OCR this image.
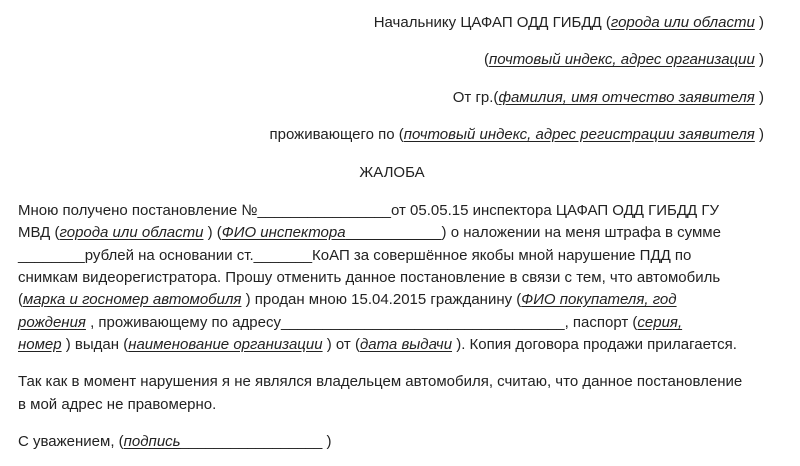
Начальнику ЦАФАП ОДД ГИБДД (города или области )
(почтовый индекс, адрес организации )
От гр.(фамилия, имя отчество заявителя )
проживающего по (почтовый индекс, адрес регистрации заявителя )
ЖАЛОБА
Мною получено постановление №________________от 05.05.15 инспектора ЦАФАП ОДД ГИБДД ГУ
МВД (города или области ) (ФИО инспектора ___________) о наложении на меня штрафа в сумме
________рублей на основании ст._______КоАП за совершённое якобы мной нарушение ПДД по
снимкам видеорегистратора. Прошу отменить данное постановление в связи с тем, что автомобиль
(марка и госномер автомобиля ) продан мною 15.04.2015 гражданину (ФИО покупателя, год
рождения , проживающему по адресу__________________________________, паспорт (серия,
номер ) выдан (наименование организации ) от (дата выдачи ). Копия договора продажи прилагается.
Так как в момент нарушения я не являлся владельцем автомобиля, считаю, что данное постановление
в мой адрес не правомерно.
С уважением, (подпись_________________ )
